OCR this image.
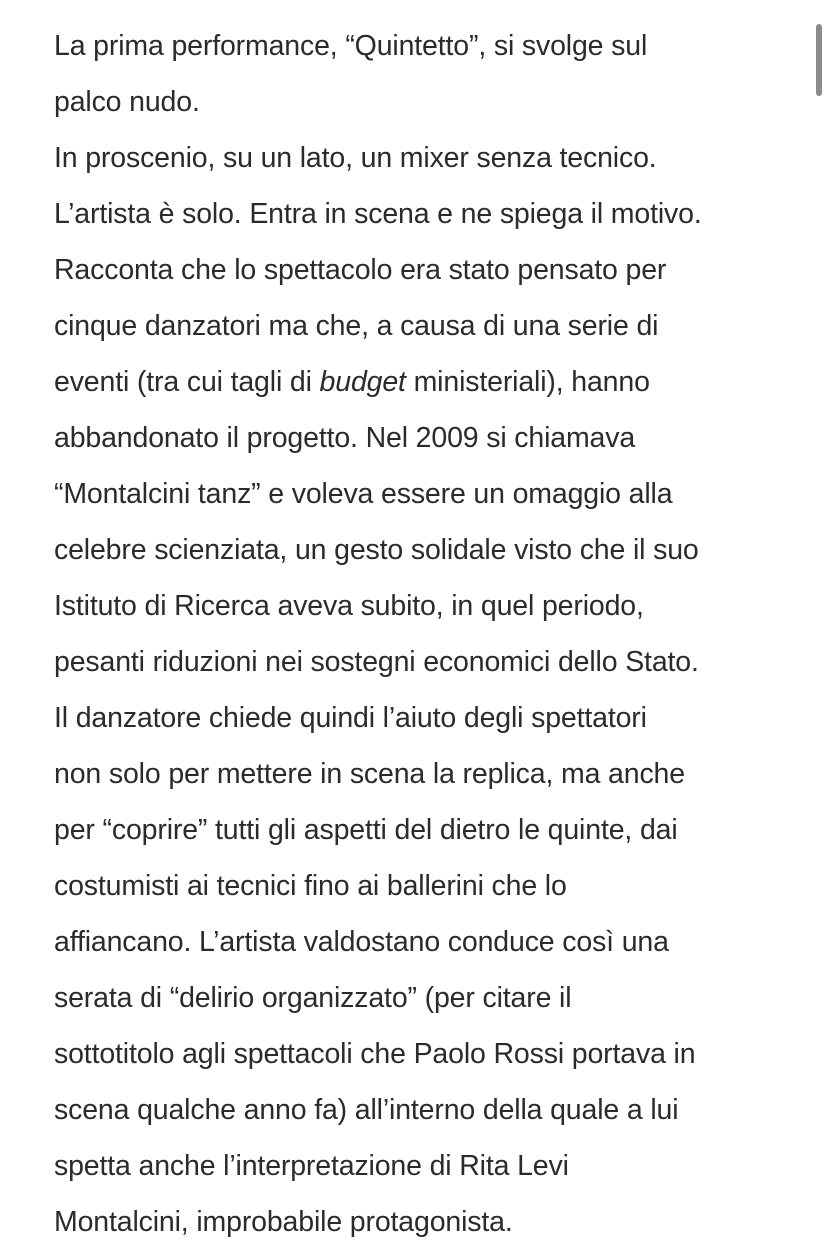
La prima performance, “Quintetto”, si svolge sul
palco nudo.
In proscenio, su un lato, un mixer senza tecnico.
L’artista è solo. Entra in scena e ne spiega il motivo.
Racconta che lo spettacolo era stato pensato per
cinque danzatori ma che, a causa di una serie di
eventi (tra cui tagli di budget ministeriali), hanno
abbandonato il progetto. Nel 2009 si chiamava
“Montalcini tanz” e voleva essere un omaggio alla
celebre scienziata, un gesto solidale visto che il suo
Istituto di Ricerca aveva subito, in quel periodo,
pesanti riduzioni nei sostegni economici dello Stato.
Il danzatore chiede quindi l’aiuto degli spettatori
non solo per mettere in scena la replica, ma anche
per “coprire” tutti gli aspetti del dietro le quinte, dai
costumisti ai tecnici fino ai ballerini che lo
affiancano. L’artista valdostano conduce così una
serata di “delirio organizzato” (per citare il
sottotitolo agli spettacoli che Paolo Rossi portava in
scena qualche anno fa) all’interno della quale a lui
spetta anche l’interpretazione di Rita Levi
Montalcini, improbabile protagonista.
